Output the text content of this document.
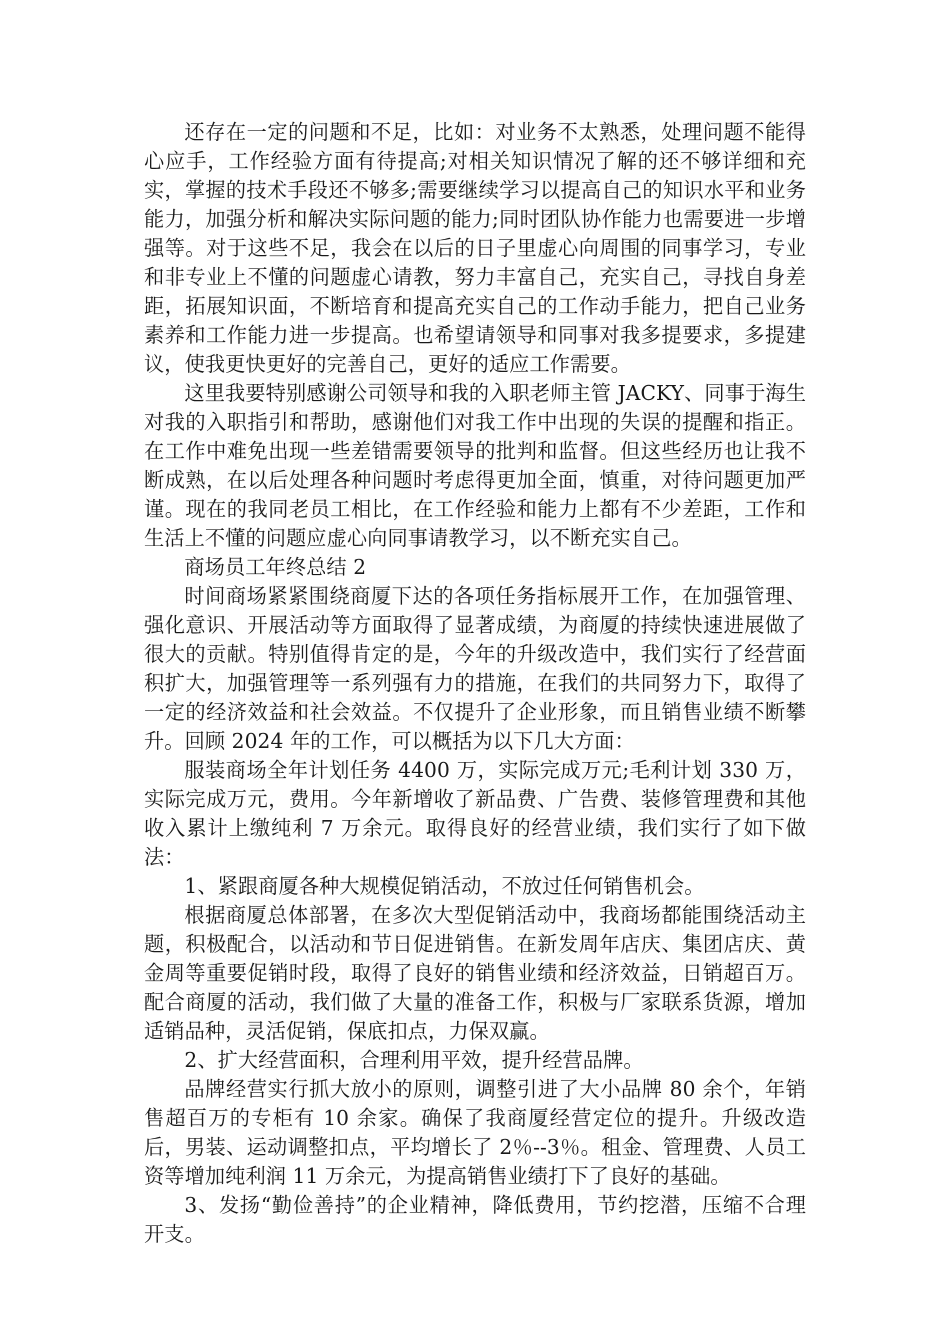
还存在一定的问题和不足，比如：对业务不太熟悉，处理问题不能得心应手，工作经验方面有待提高;对相关知识情况了解的还不够详细和充实，掌握的技术手段还不够多;需要继续学习以提高自己的知识水平和业务能力，加强分析和解决实际问题的能力;同时团队协作能力也需要进一步增强等。对于这些不足，我会在以后的日子里虚心向周围的同事学习，专业和非专业上不懂的问题虚心请教，努力丰富自己，充实自己，寻找自身差距，拓展知识面，不断培育和提高充实自己的工作动手能力，把自己业务素养和工作能力进一步提高。也希望请领导和同事对我多提要求，多提建议，使我更快更好的完善自己，更好的适应工作需要。

这里我要特别感谢公司领导和我的入职老师主管 JACKY、同事于海生对我的入职指引和帮助，感谢他们对我工作中出现的失误的提醒和指正。在工作中难免出现一些差错需要领导的批判和监督。但这些经历也让我不断成熟，在以后处理各种问题时考虑得更加全面，慎重，对待问题更加严谨。现在的我同老员工相比，在工作经验和能力上都有不少差距，工作和生活上不懂的问题应虚心向同事请教学习，以不断充实自己。

商场员工年终总结 2

时间商场紧紧围绕商厦下达的各项任务指标展开工作，在加强管理、强化意识、开展活动等方面取得了显著成绩，为商厦的持续快速进展做了很大的贡献。特别值得肯定的是，今年的升级改造中，我们实行了经营面积扩大，加强管理等一系列强有力的措施，在我们的共同努力下，取得了一定的经济效益和社会效益。不仅提升了企业形象，而且销售业绩不断攀升。回顾 2024 年的工作，可以概括为以下几大方面：

服装商场全年计划任务 4400 万，实际完成万元;毛利计划 330 万，实际完成万元，费用。今年新增收了新品费、广告费、装修管理费和其他收入累计上缴纯利 7 万余元。取得良好的经营业绩，我们实行了如下做法：

1、紧跟商厦各种大规模促销活动，不放过任何销售机会。

根据商厦总体部署，在多次大型促销活动中，我商场都能围绕活动主题，积极配合，以活动和节日促进销售。在新发周年店庆、集团店庆、黄金周等重要促销时段，取得了良好的销售业绩和经济效益，日销超百万。配合商厦的活动，我们做了大量的准备工作，积极与厂家联系货源，增加适销品种，灵活促销，保底扣点，力保双赢。

2、扩大经营面积，合理利用平效，提升经营品牌。

品牌经营实行抓大放小的原则，调整引进了大小品牌 80 余个，年销售超百万的专柜有 10 余家。确保了我商厦经营定位的提升。升级改造后，男装、运动调整扣点，平均增长了 2％--3％。租金、管理费、人员工资等增加纯利润 11 万余元，为提高销售业绩打下了良好的基础。

3、发扬“勤俭善持”的企业精神，降低费用，节约挖潜，压缩不合理开支。
